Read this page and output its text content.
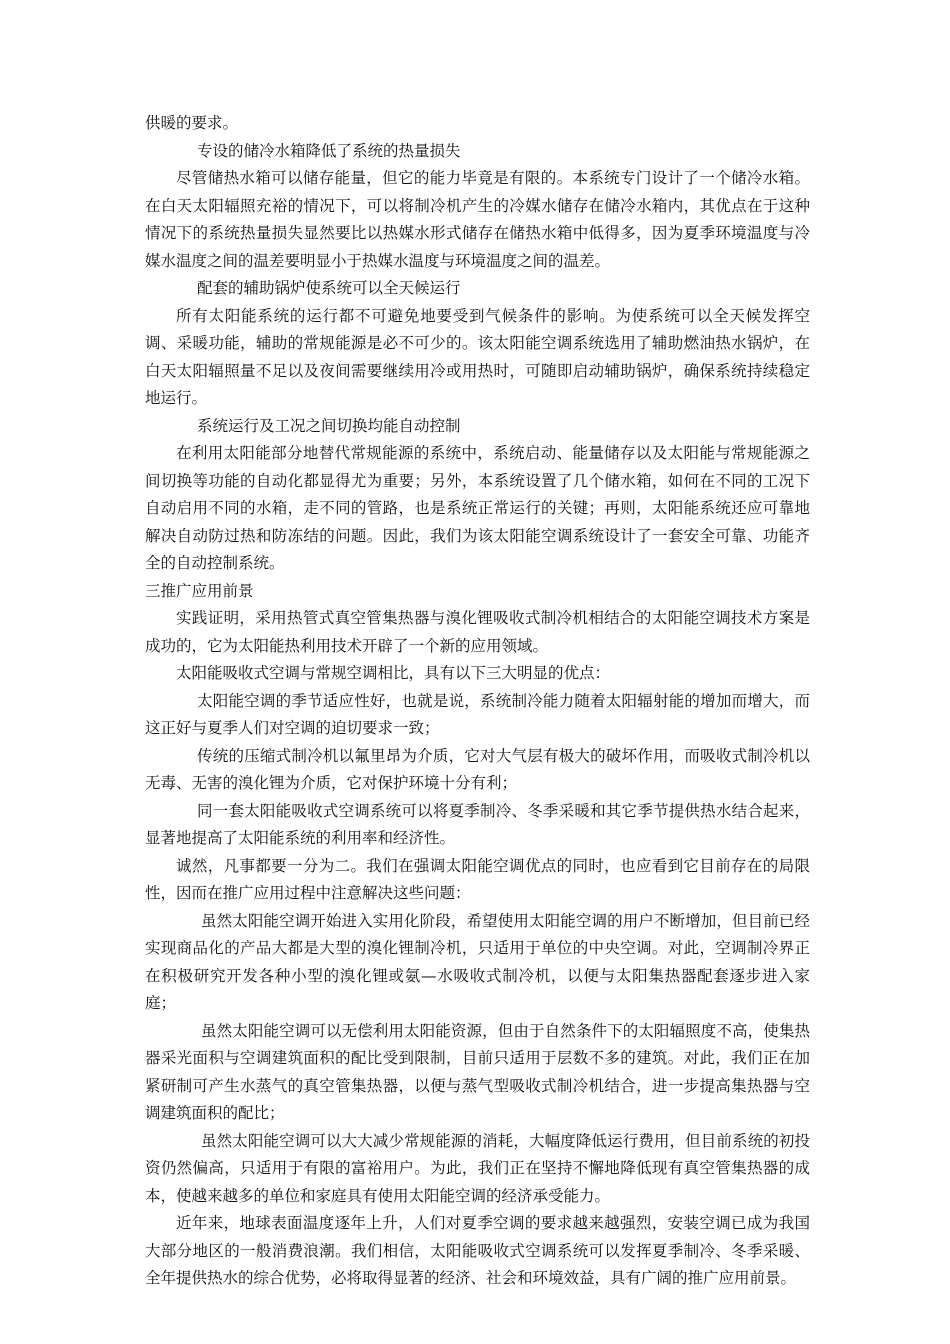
供暖的要求。

专设的储冷水箱降低了系统的热量损失

尽管储热水箱可以储存能量，但它的能力毕竟是有限的。本系统专门设计了一个储冷水箱。在白天太阳辐照充裕的情况下，可以将制冷机产生的冷媒水储存在储冷水箱内，其优点在于这种情况下的系统热量损失显然要比以热媒水形式储存在储热水箱中低得多，因为夏季环境温度与冷媒水温度之间的温差要明显小于热媒水温度与环境温度之间的温差。

配套的辅助锅炉使系统可以全天候运行

所有太阳能系统的运行都不可避免地要受到气候条件的影响。为使系统可以全天候发挥空调、采暖功能，辅助的常规能源是必不可少的。该太阳能空调系统选用了辅助燃油热水锅炉，在白天太阳辐照量不足以及夜间需要继续用冷或用热时，可随即启动辅助锅炉，确保系统持续稳定地运行。

系统运行及工况之间切换均能自动控制

在利用太阳能部分地替代常规能源的系统中，系统启动、能量储存以及太阳能与常规能源之间切换等功能的自动化都显得尤为重要；另外，本系统设置了几个储水箱，如何在不同的工况下自动启用不同的水箱，走不同的管路，也是系统正常运行的关键；再则，太阳能系统还应可靠地解决自动防过热和防冻结的问题。因此，我们为该太阳能空调系统设计了一套安全可靠、功能齐全的自动控制系统。

三推广应用前景

实践证明，采用热管式真空管集热器与溴化锂吸收式制冷机相结合的太阳能空调技术方案是成功的，它为太阳能热利用技术开辟了一个新的应用领域。

太阳能吸收式空调与常规空调相比，具有以下三大明显的优点：

太阳能空调的季节适应性好，也就是说，系统制冷能力随着太阳辐射能的增加而增大，而这正好与夏季人们对空调的迫切要求一致；

传统的压缩式制冷机以氟里昂为介质，它对大气层有极大的破坏作用，而吸收式制冷机以无毒、无害的溴化锂为介质，它对保护环境十分有利；

同一套太阳能吸收式空调系统可以将夏季制冷、冬季采暖和其它季节提供热水结合起来，显著地提高了太阳能系统的利用率和经济性。

诚然，凡事都要一分为二。我们在强调太阳能空调优点的同时，也应看到它目前存在的局限性，因而在推广应用过程中注意解决这些问题：

虽然太阳能空调开始进入实用化阶段，希望使用太阳能空调的用户不断增加，但目前已经实现商品化的产品大都是大型的溴化锂制冷机，只适用于单位的中央空调。对此，空调制冷界正在积极研究开发各种小型的溴化锂或氨—水吸收式制冷机，以便与太阳集热器配套逐步进入家庭；

虽然太阳能空调可以无偿利用太阳能资源，但由于自然条件下的太阳辐照度不高，使集热器采光面积与空调建筑面积的配比受到限制，目前只适用于层数不多的建筑。对此，我们正在加紧研制可产生水蒸气的真空管集热器，以便与蒸气型吸收式制冷机结合，进一步提高集热器与空调建筑面积的配比；

虽然太阳能空调可以大大减少常规能源的消耗，大幅度降低运行费用，但目前系统的初投资仍然偏高，只适用于有限的富裕用户。为此，我们正在坚持不懈地降低现有真空管集热器的成本，使越来越多的单位和家庭具有使用太阳能空调的经济承受能力。

近年来，地球表面温度逐年上升，人们对夏季空调的要求越来越强烈，安装空调已成为我国大部分地区的一般消费浪潮。我们相信，太阳能吸收式空调系统可以发挥夏季制冷、冬季采暖、全年提供热水的综合优势，必将取得显著的经济、社会和环境效益，具有广阔的推广应用前景。
